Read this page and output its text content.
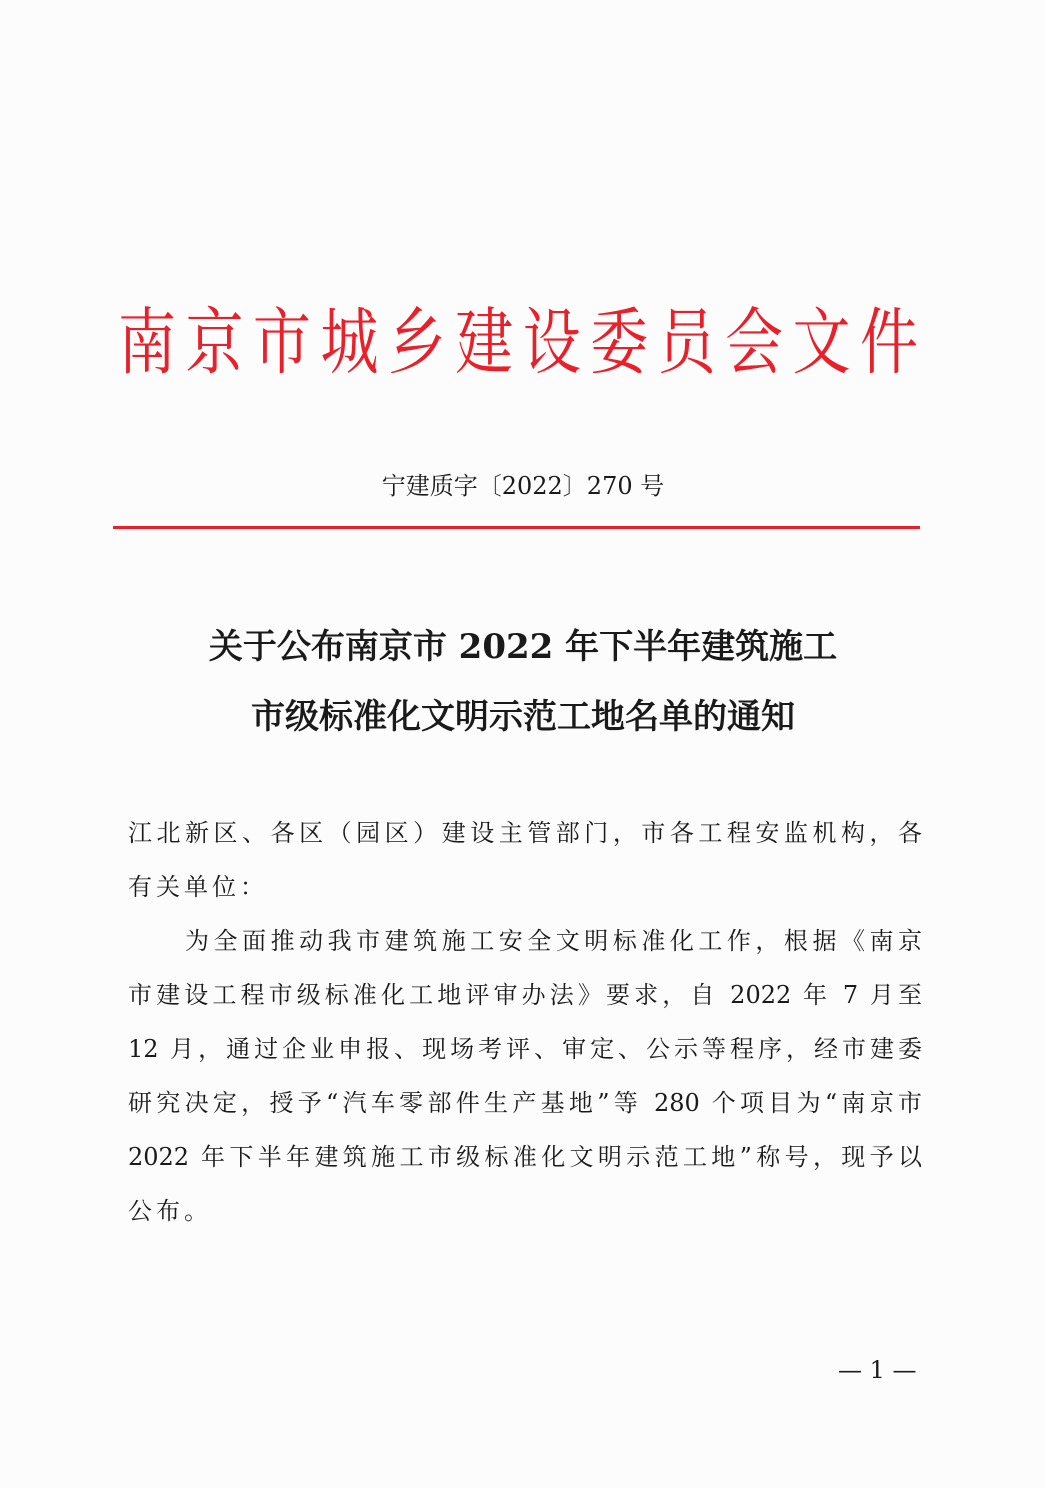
南 京 市 城 乡 建 设 委 员 会 文 件
宁建质字〔2022〕270 号
关于公布南京市 2022 年下半年建筑施工
市级标准化文明示范工地名单的通知
江北新区、各区（园区）建设主管部门，市各工程安监机构，各
有关单位：
　　为全面推动我市建筑施工安全文明标准化工作，根据《南京
市建设工程市级标准化工地评审办法》要求，自 2022 年 7 月至
12 月，通过企业申报、现场考评、审定、公示等程序，经市建委
研究决定，授予“汽车零部件生产基地”等 280 个项目为“南京市
2022 年下半年建筑施工市级标准化文明示范工地”称号，现予以
公布。
— 1 —
